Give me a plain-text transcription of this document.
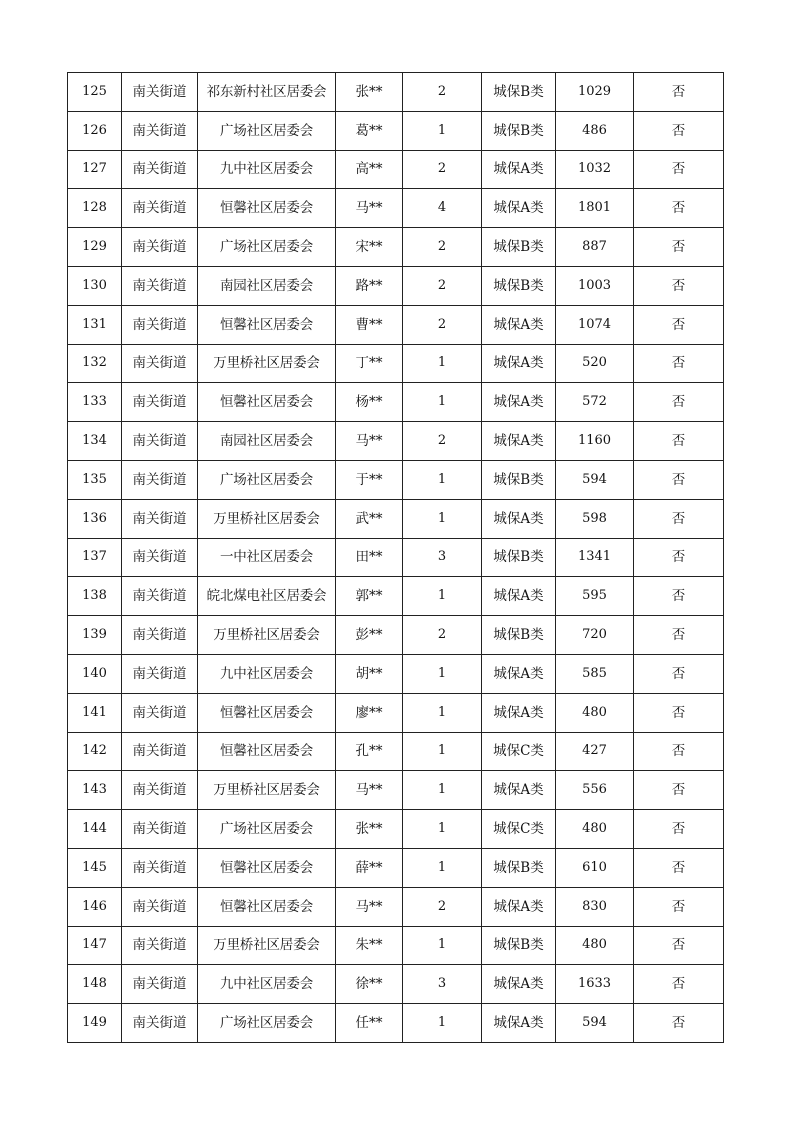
125	南关街道	祁东新村社区居委会	张**	2	城保B类	1029	否
126	南关街道	广场社区居委会	葛**	1	城保B类	486	否
127	南关街道	九中社区居委会	高**	2	城保A类	1032	否
128	南关街道	恒馨社区居委会	马**	4	城保A类	1801	否
129	南关街道	广场社区居委会	宋**	2	城保B类	887	否
130	南关街道	南园社区居委会	路**	2	城保B类	1003	否
131	南关街道	恒馨社区居委会	曹**	2	城保A类	1074	否
132	南关街道	万里桥社区居委会	丁**	1	城保A类	520	否
133	南关街道	恒馨社区居委会	杨**	1	城保A类	572	否
134	南关街道	南园社区居委会	马**	2	城保A类	1160	否
135	南关街道	广场社区居委会	于**	1	城保B类	594	否
136	南关街道	万里桥社区居委会	武**	1	城保A类	598	否
137	南关街道	一中社区居委会	田**	3	城保B类	1341	否
138	南关街道	皖北煤电社区居委会	郭**	1	城保A类	595	否
139	南关街道	万里桥社区居委会	彭**	2	城保B类	720	否
140	南关街道	九中社区居委会	胡**	1	城保A类	585	否
141	南关街道	恒馨社区居委会	廖**	1	城保A类	480	否
142	南关街道	恒馨社区居委会	孔**	1	城保C类	427	否
143	南关街道	万里桥社区居委会	马**	1	城保A类	556	否
144	南关街道	广场社区居委会	张**	1	城保C类	480	否
145	南关街道	恒馨社区居委会	薛**	1	城保B类	610	否
146	南关街道	恒馨社区居委会	马**	2	城保A类	830	否
147	南关街道	万里桥社区居委会	朱**	1	城保B类	480	否
148	南关街道	九中社区居委会	徐**	3	城保A类	1633	否
149	南关街道	广场社区居委会	任**	1	城保A类	594	否
